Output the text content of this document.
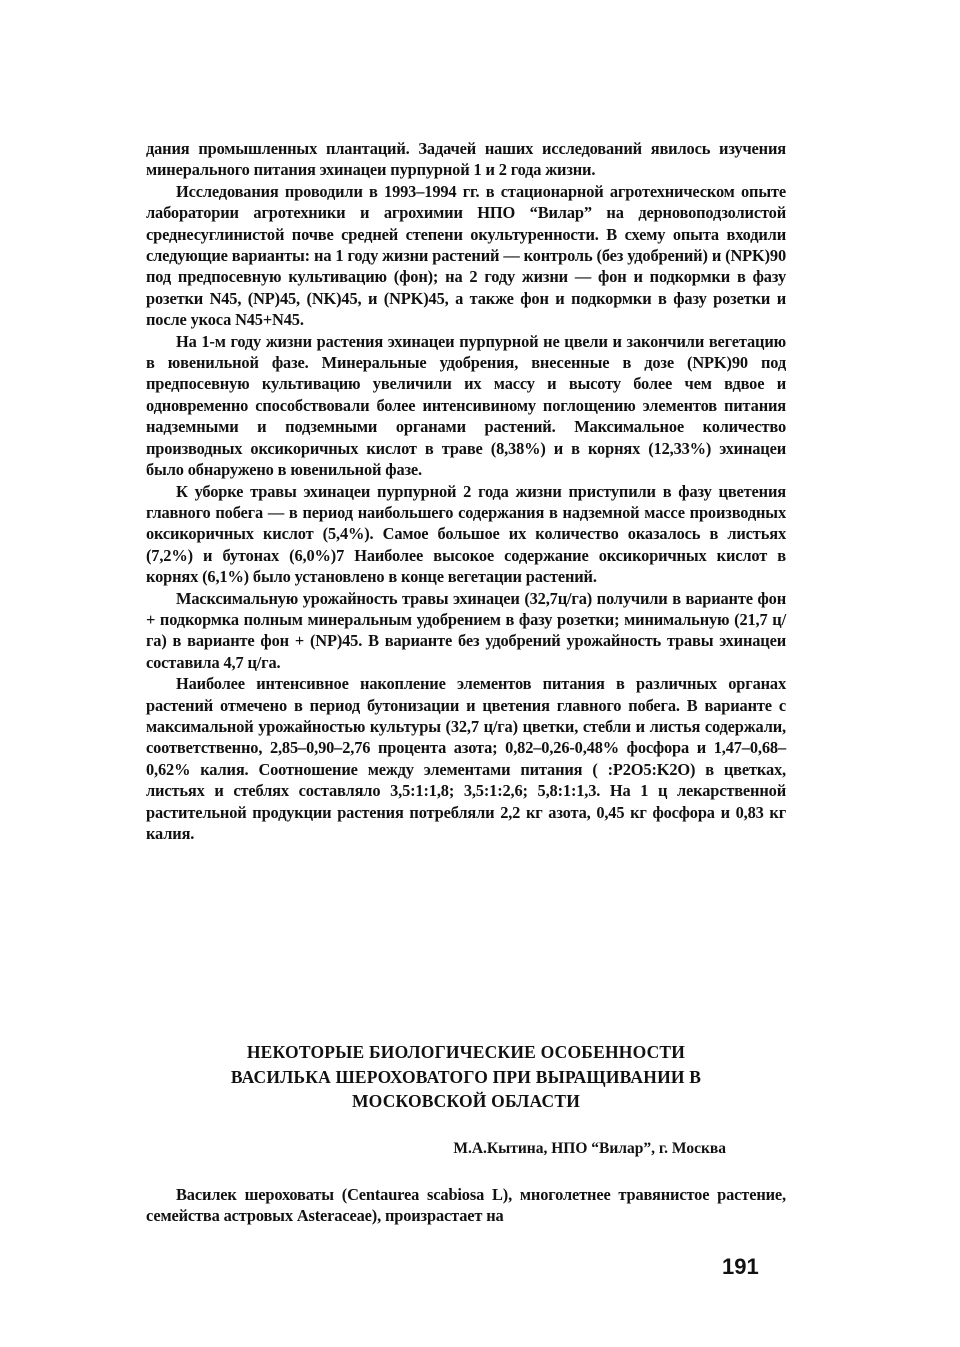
дания промышленных плантаций. Задачей наших исследований явилось изучения минерального питания эхинацеи пурпурной 1 и 2 года жизни.

Исследования проводили в 1993–1994 гг. в стационарной агротехническом опыте лаборатории агротехники и агрохимии НПО “Вилар” на дерновоподзолистой среднесуглинистой почве средней степени окультуренности. В схему опыта входили следующие варианты: на 1 году жизни растений — контроль (без удобрений) и (NPK)90 под предпосевную культивацию (фон); на 2 году жизни — фон и подкормки в фазу розетки N45, (NP)45, (NK)45, и (NPK)45, а также фон и подкормки в фазу розетки и после укоса N45+N45.

На 1-м году жизни растения эхинацеи пурпурной не цвели и закончили вегетацию в ювенильной фазе. Минеральные удобрения, внесенные в дозе (NPK)90 под предпосевную культивацию увеличили их массу и высоту более чем вдвое и одновременно способствовали более интенсивиному поглощению элементов питания надземными и подземными органами растений. Максимальное количество производных оксикоричных кислот в траве (8,38%) и в корнях (12,33%) эхинацеи было обнаружено в ювенильной фазе.

К уборке травы эхинацеи пурпурной 2 года жизни приступили в фазу цветения главного побега — в период наибольшего содержания в надземной массе производных оксикоричных кислот (5,4%). Самое большое их количество оказалось в листьях (7,2%) и бутонах (6,0%)7 Наиболее высокое содержание оксикоричных кислот в корнях (6,1%) было установлено в конце вегетации растений.

Масксимальную урожайность травы эхинацеи (32,7ц/га) получили в варианте фон + подкормка полным минеральным удобрением в фазу розетки; минимальную (21,7 ц/га) в варианте фон + (NP)45. В варианте без удобрений урожайность травы эхинацеи составила 4,7 ц/га.

Наиболее интенсивное накопление элементов питания в различных органах растений отмечено в период бутонизации и цветения главного побега. В варианте с максимальной урожайностью культуры (32,7 ц/га) цветки, стебли и листья содержали, соответственно, 2,85–0,90–2,76 процента азота; 0,82–0,26-0,48% фосфора и 1,47–0,68–0,62% калия. Соотношение между элементами питания ( :P2O5:K2O) в цветках, листьях и стеблях составляло 3,5:1:1,8; 3,5:1:2,6; 5,8:1:1,3. На 1 ц лекарственной растительной продукции растения потребляли 2,2 кг азота, 0,45 кг фосфора и 0,83 кг калия.

НЕКОТОРЫЕ БИОЛОГИЧЕСКИЕ ОСОБЕННОСТИ
ВАСИЛЬКА ШЕРОХОВАТОГО ПРИ ВЫРАЩИВАНИИ В
МОСКОВСКОЙ ОБЛАСТИ
М.А.Кытина, НПО “Вилар”, г. Москва

Василек шероховаты (Centaurea scabiosa L), многолетнее травянистое растение, семейства астровых Asteraceae), произрастает на

191
